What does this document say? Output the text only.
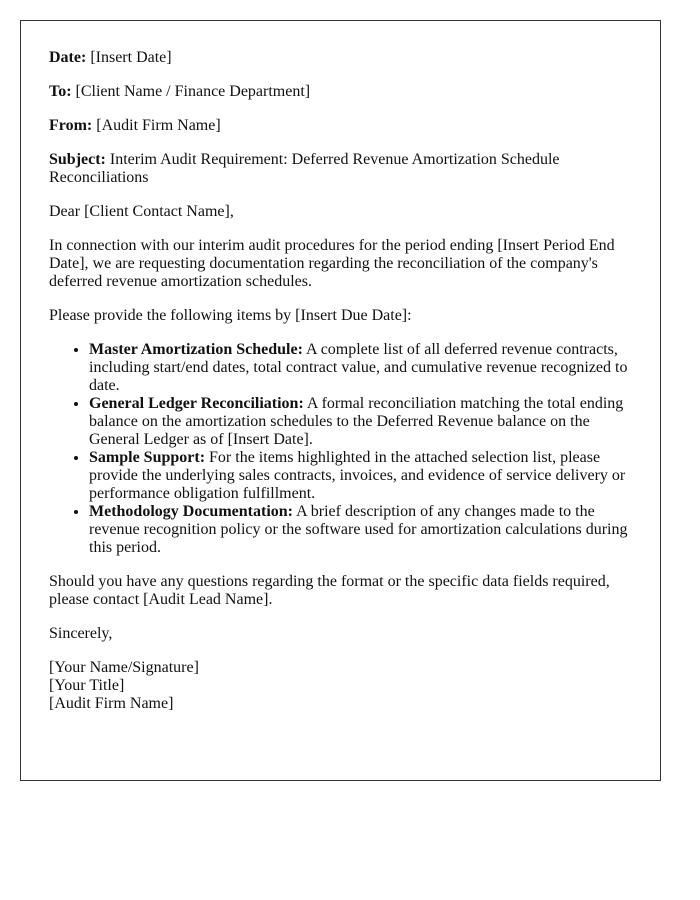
Date: [Insert Date]

To: [Client Name / Finance Department]

From: [Audit Firm Name]

Subject: Interim Audit Requirement: Deferred Revenue Amortization Schedule Reconciliations

Dear [Client Contact Name],

In connection with our interim audit procedures for the period ending [Insert Period End Date], we are requesting documentation regarding the reconciliation of the company's deferred revenue amortization schedules.

Please provide the following items by [Insert Due Date]:

• Master Amortization Schedule: A complete list of all deferred revenue contracts, including start/end dates, total contract value, and cumulative revenue recognized to date.
• General Ledger Reconciliation: A formal reconciliation matching the total ending balance on the amortization schedules to the Deferred Revenue balance on the General Ledger as of [Insert Date].
• Sample Support: For the items highlighted in the attached selection list, please provide the underlying sales contracts, invoices, and evidence of service delivery or performance obligation fulfillment.
• Methodology Documentation: A brief description of any changes made to the revenue recognition policy or the software used for amortization calculations during this period.

Should you have any questions regarding the format or the specific data fields required, please contact [Audit Lead Name].

Sincerely,

[Your Name/Signature]

[Your Title]

[Audit Firm Name]
